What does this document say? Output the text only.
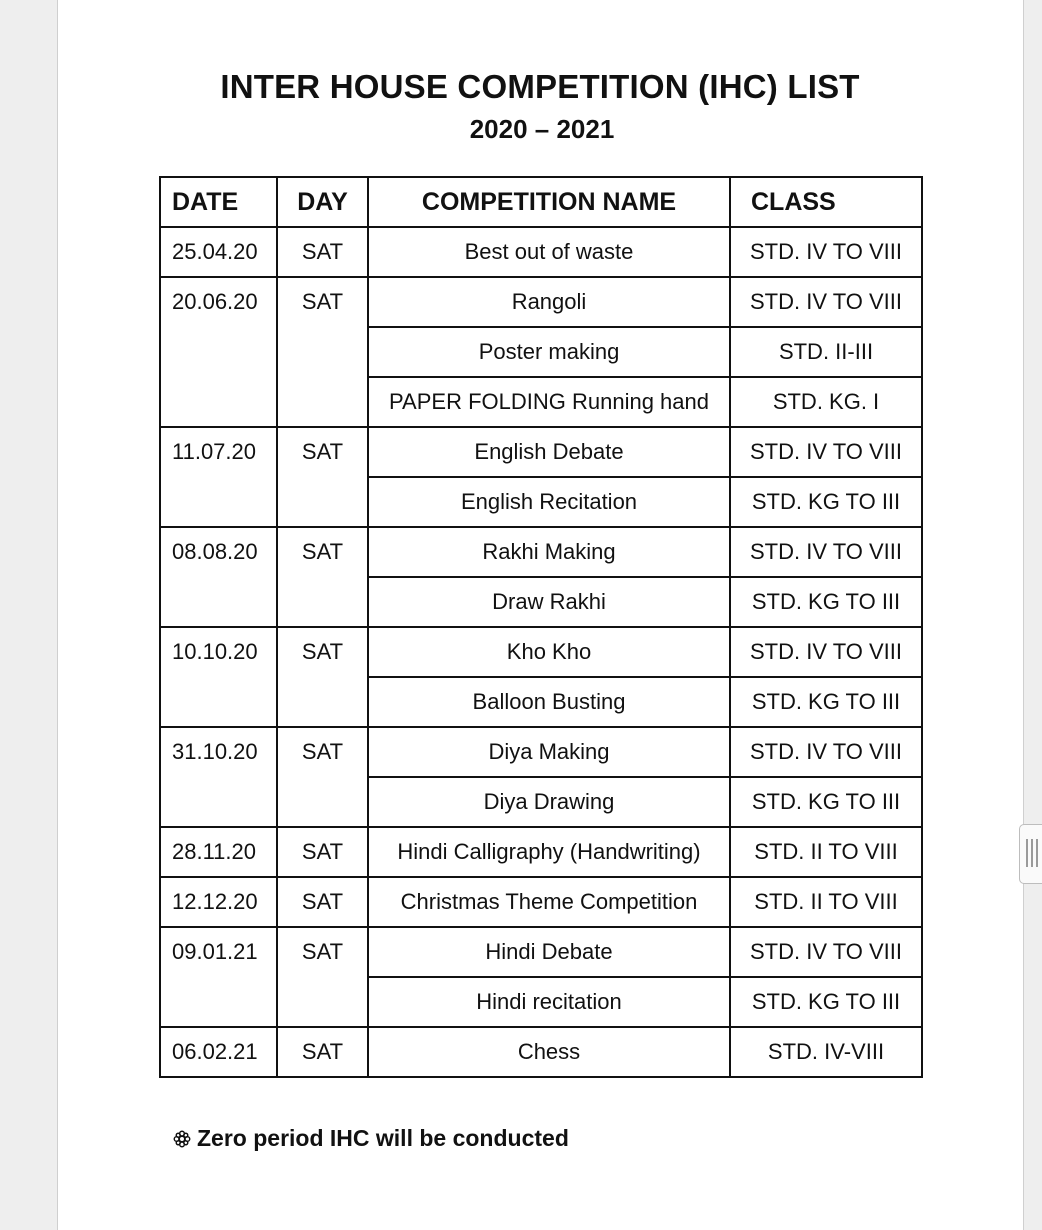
INTER HOUSE COMPETITION (IHC) LIST
2020 – 2021
DATE	DAY	COMPETITION NAME	CLASS
25.04.20	SAT	Best out of waste	STD. IV TO VIII
20.06.20	SAT	Rangoli	STD. IV TO VIII
		Poster making	STD. II-III
		PAPER FOLDING Running hand	STD. KG. I
11.07.20	SAT	English Debate	STD. IV TO VIII
		English Recitation	STD. KG TO III
08.08.20	SAT	Rakhi Making	STD. IV TO VIII
		Draw Rakhi	STD. KG TO III
10.10.20	SAT	Kho Kho	STD. IV TO VIII
		Balloon Busting	STD. KG TO III
31.10.20	SAT	Diya Making	STD. IV TO VIII
		Diya Drawing	STD. KG TO III
28.11.20	SAT	Hindi Calligraphy (Handwriting)	STD. II TO VIII
12.12.20	SAT	Christmas Theme Competition	STD. II TO VIII
09.01.21	SAT	Hindi Debate	STD. IV TO VIII
		Hindi recitation	STD. KG TO III
06.02.21	SAT	Chess	STD. IV-VIII
Zero period IHC will be conducted
